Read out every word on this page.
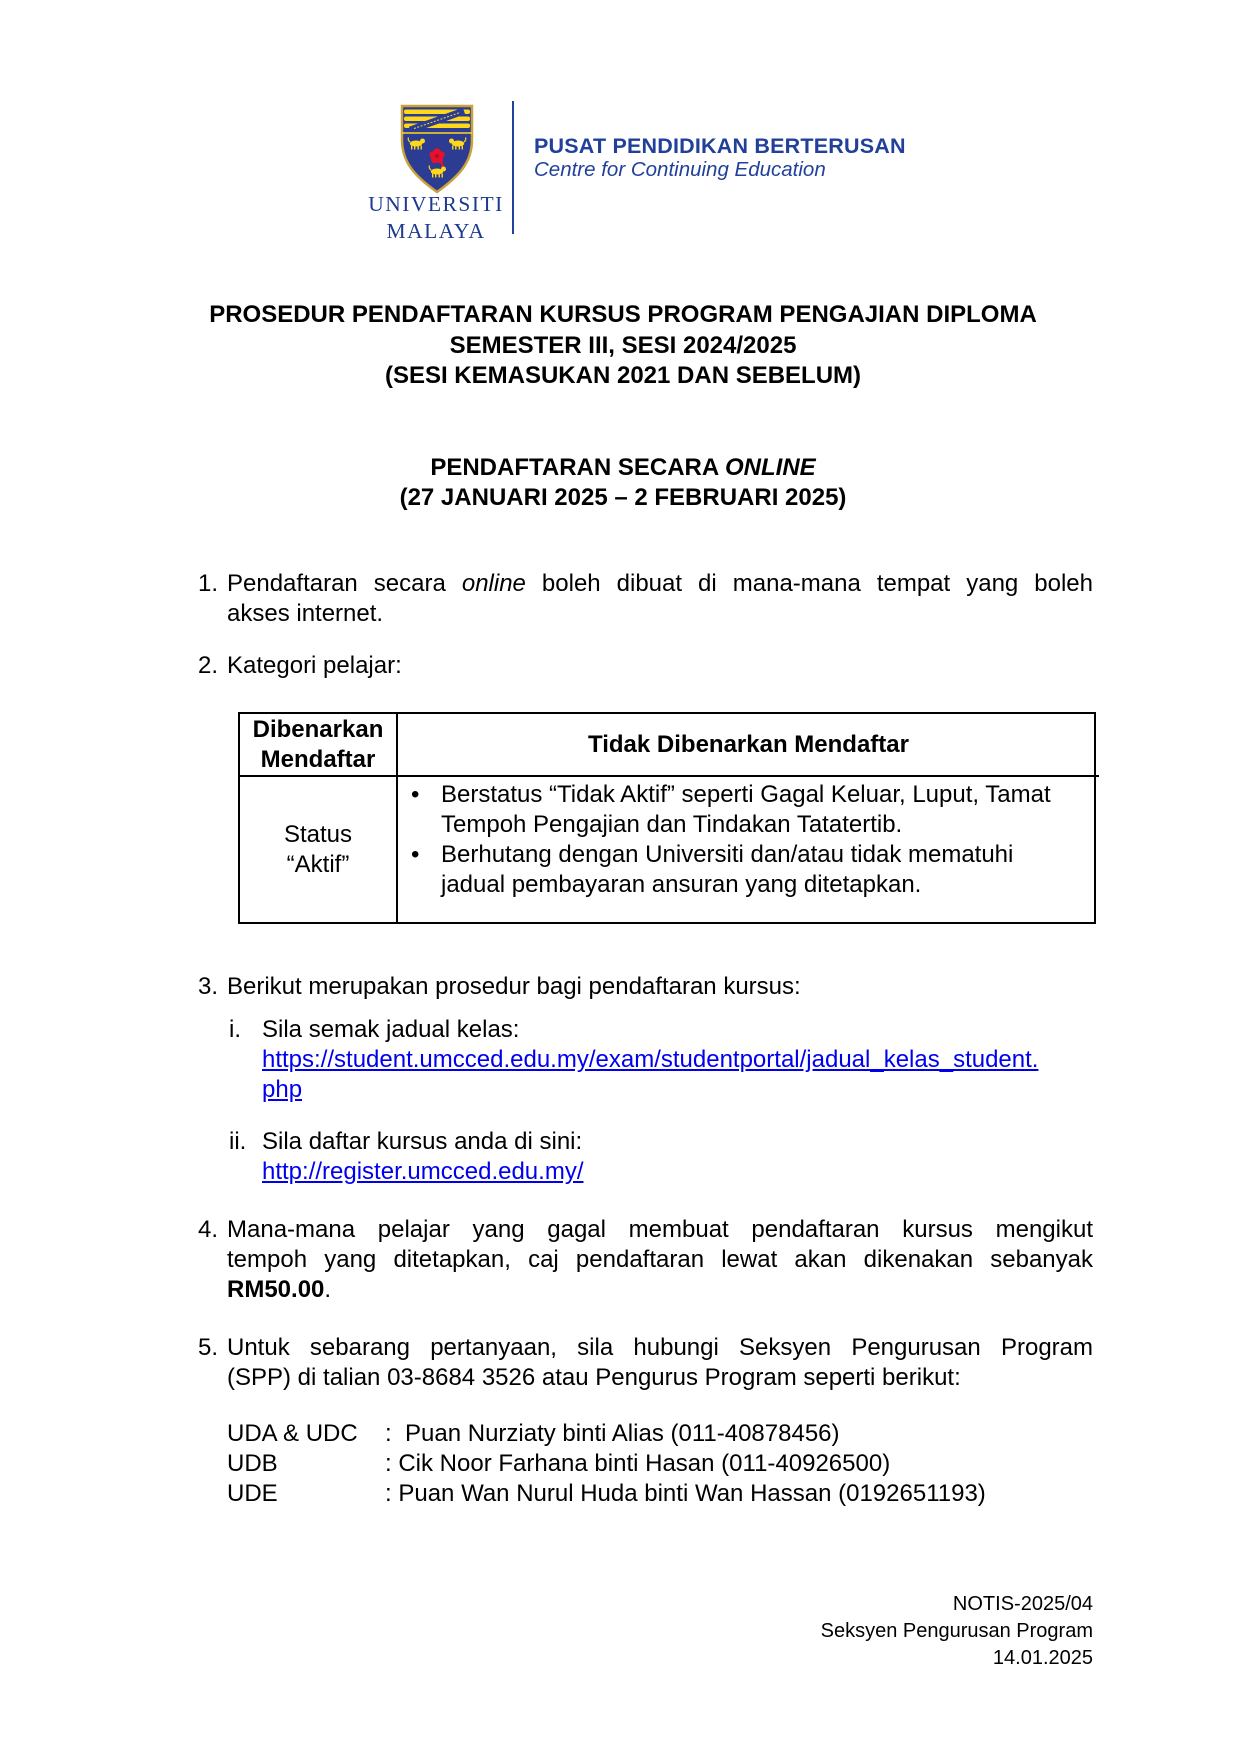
UNIVERSITI
MALAYA
PUSAT PENDIDIKAN BERTERUSAN
Centre for Continuing Education
PROSEDUR PENDAFTARAN KURSUS PROGRAM PENGAJIAN DIPLOMA
SEMESTER III, SESI 2024/2025
(SESI KEMASUKAN 2021 DAN SEBELUM)
PENDAFTARAN SECARA ONLINE
(27 JANUARI 2025 – 2 FEBRUARI 2025)
1. Pendaftaran secara online boleh dibuat di mana-mana tempat yang boleh
akses internet.
2. Kategori pelajar:
Dibenarkan
Mendaftar
Tidak Dibenarkan Mendaftar
Status
“Aktif”
• Berstatus “Tidak Aktif” seperti Gagal Keluar, Luput, Tamat
Tempoh Pengajian dan Tindakan Tatatertib.
• Berhutang dengan Universiti dan/atau tidak mematuhi
jadual pembayaran ansuran yang ditetapkan.
3. Berikut merupakan prosedur bagi pendaftaran kursus:
i. Sila semak jadual kelas:
https://student.umcced.edu.my/exam/studentportal/jadual_kelas_student.php
ii. Sila daftar kursus anda di sini:
http://register.umcced.edu.my/
4. Mana-mana pelajar yang gagal membuat pendaftaran kursus mengikut
tempoh yang ditetapkan, caj pendaftaran lewat akan dikenakan sebanyak
RM50.00.
5. Untuk sebarang pertanyaan, sila hubungi Seksyen Pengurusan Program
(SPP) di talian 03-8684 3526 atau Pengurus Program seperti berikut:
UDA & UDC : Puan Nurziaty binti Alias (011-40878456)
UDB	: Cik Noor Farhana binti Hasan (011-40926500)
UDE	: Puan Wan Nurul Huda binti Wan Hassan (0192651193)
NOTIS-2025/04
Seksyen Pengurusan Program
14.01.2025
